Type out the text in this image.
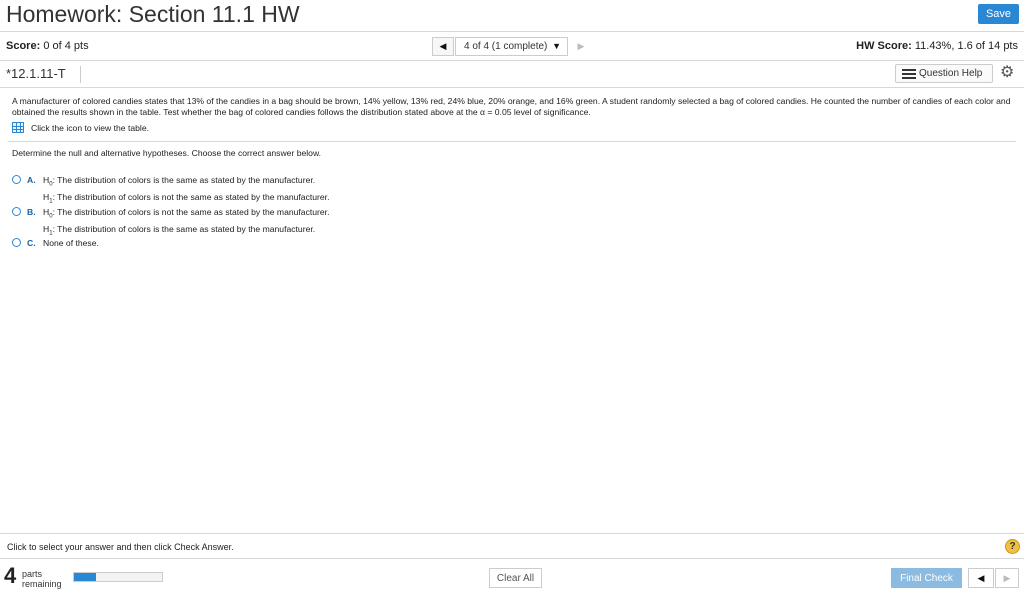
Homework: Section 11.1 HW	Save
Score: 0 of 4 pts	◀ 4 of 4 (1 complete) ▼ ▶	HW Score: 11.43%, 1.6 of 14 pts
*12.1.11-T	Question Help ⚙
A manufacturer of colored candies states that 13% of the candies in a bag should be brown, 14% yellow, 13% red, 24% blue, 20% orange, and 16% green. A student randomly selected a bag of colored candies. He counted the number of candies of each color and obtained the results shown in the table. Test whether the bag of colored candies follows the distribution stated above at the α = 0.05 level of significance.
Click the icon to view the table.
Determine the null and alternative hypotheses. Choose the correct answer below.
A. $H_0$: The distribution of colors is the same as stated by the manufacturer.
$H_1$: The distribution of colors is not the same as stated by the manufacturer.
B. $H_0$: The distribution of colors is not the same as stated by the manufacturer.
$H_1$: The distribution of colors is the same as stated by the manufacturer.
C. None of these.
Click to select your answer and then click Check Answer.	?
4 parts
remaining
Clear All	Final Check	◀ ▶
